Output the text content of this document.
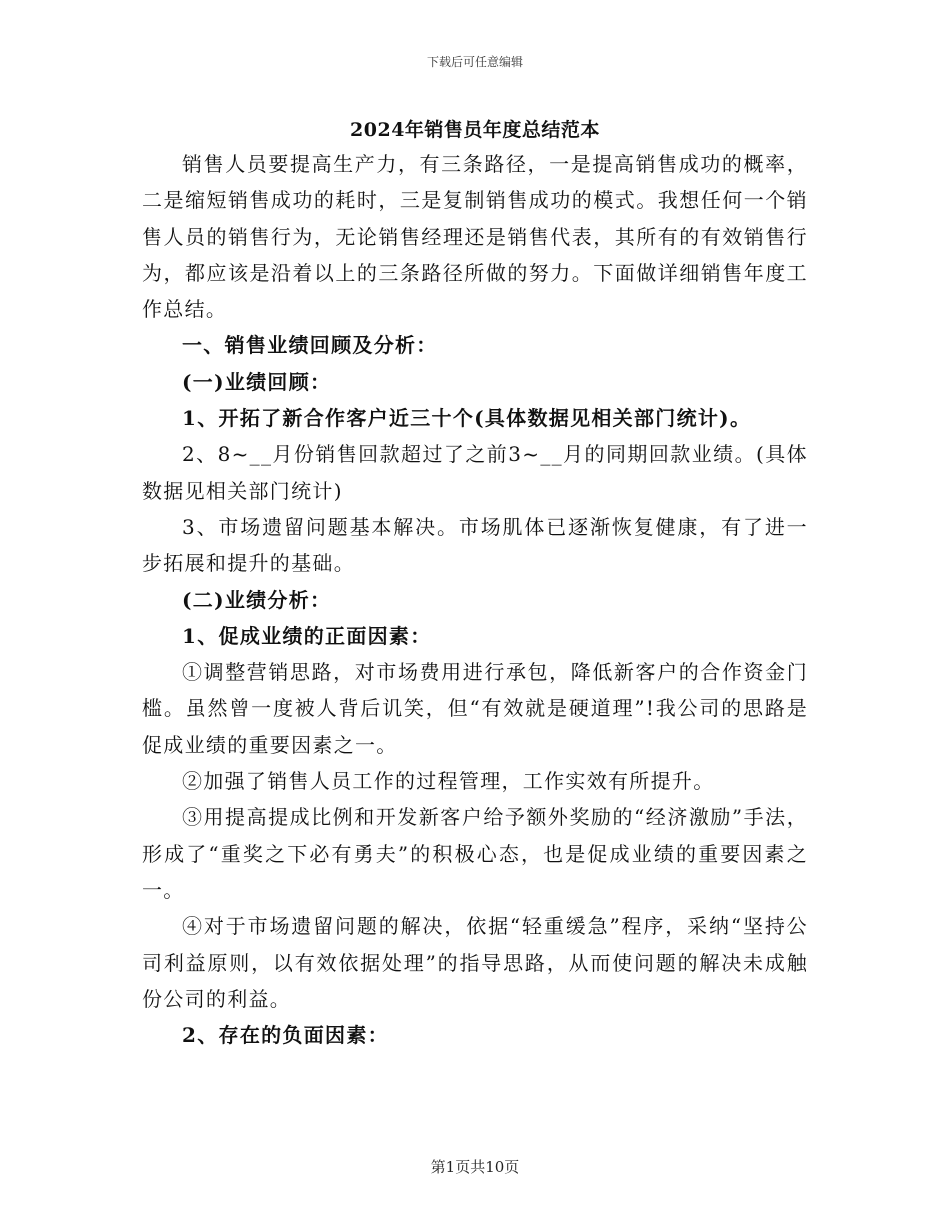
下载后可任意编辑
2024年销售员年度总结范本

销售人员要提高生产力，有三条路径，一是提高销售成功的概率，二是缩短销售成功的耗时，三是复制销售成功的模式。我想任何一个销售人员的销售行为，无论销售经理还是销售代表，其所有的有效销售行为，都应该是沿着以上的三条路径所做的努力。下面做详细销售年度工作总结。

一、销售业绩回顾及分析：

(一)业绩回顾：

1、开拓了新合作客户近三十个(具体数据见相关部门统计)。

2、8~__月份销售回款超过了之前3~__月的同期回款业绩。(具体数据见相关部门统计)

3、市场遗留问题基本解决。市场肌体已逐渐恢复健康，有了进一步拓展和提升的基础。

(二)业绩分析：

1、促成业绩的正面因素：

①调整营销思路，对市场费用进行承包，降低新客户的合作资金门槛。虽然曾一度被人背后讥笑，但“有效就是硬道理”!我公司的思路是促成业绩的重要因素之一。

②加强了销售人员工作的过程管理，工作实效有所提升。

③用提高提成比例和开发新客户给予额外奖励的“经济激励”手法，形成了“重奖之下必有勇夫”的积极心态，也是促成业绩的重要因素之一。

④对于市场遗留问题的解决，依据“轻重缓急”程序，采纳“坚持公司利益原则，以有效依据处理”的指导思路，从而使问题的解决未成触份公司的利益。

2、存在的负面因素：

第1页共10页
